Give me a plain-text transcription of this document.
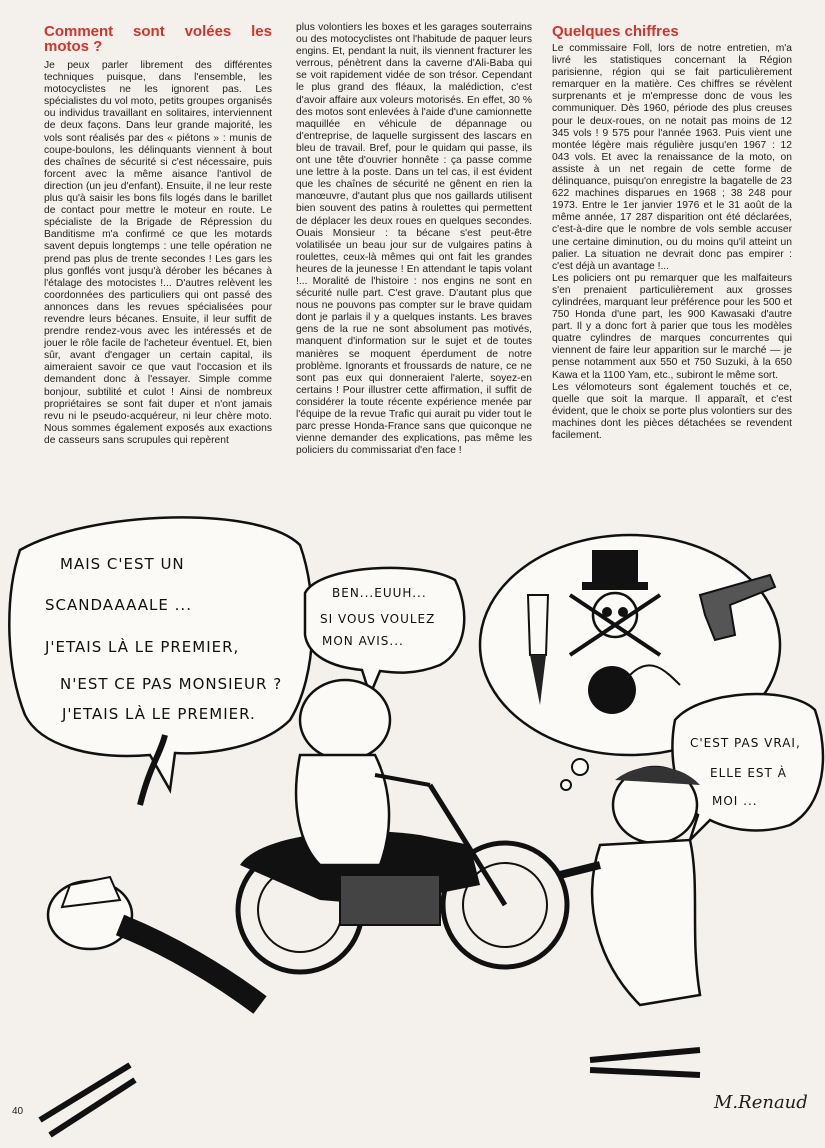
Comment sont volées les motos ?

Je peux parler librement des différentes techniques puisque, dans l'ensemble, les motocyclistes ne les ignorent pas. Les spécialistes du vol moto, petits groupes organisés ou individus travaillant en solitaires, interviennent de deux façons. Dans leur grande majorité, les vols sont réalisés par des « piétons » : munis de coupe-boulons, les délinquants viennent à bout des chaînes de sécurité si c'est nécessaire, puis forcent avec la même aisance l'antivol de direction (un jeu d'enfant). Ensuite, il ne leur reste plus qu'à saisir les bons fils logés dans le barillet de contact pour mettre le moteur en route. Le spécialiste de la Brigade de Répression du Banditisme m'a confirmé ce que les motards savent depuis longtemps : une telle opération ne prend pas plus de trente secondes ! Les gars les plus gonflés vont jusqu'à dérober les bécanes à l'étalage des motocistes !... D'autres relèvent les coordonnées des particuliers qui ont passé des annonces dans les revues spécialisées pour revendre leurs bécanes. Ensuite, il leur suffit de prendre rendez-vous avec les intéressés et de jouer le rôle facile de l'acheteur éventuel. Et, bien sûr, avant d'engager un certain capital, ils aimeraient savoir ce que vaut l'occasion et ils demandent donc à l'essayer. Simple comme bonjour, subtilité et culot ! Ainsi de nombreux propriétaires se sont fait duper et n'ont jamais revu ni le pseudo-acquéreur, ni leur chère moto. Nous sommes également exposés aux exactions de casseurs sans scrupules qui repèrent

plus volontiers les boxes et les garages souterrains ou des motocyclistes ont l'habitude de paquer leurs engins. Et, pendant la nuit, ils viennent fracturer les verrous, pénètrent dans la caverne d'Ali-Baba qui se voit rapidement vidée de son trésor. Cependant le plus grand des fléaux, la malédiction, c'est d'avoir affaire aux voleurs motorisés. En effet, 30 % des motos sont enlevées à l'aide d'une camionnette maquillée en véhicule de dépannage ou d'entreprise, de laquelle surgissent des lascars en bleu de travail. Bref, pour le quidam qui passe, ils ont une tête d'ouvrier honnête : ça passe comme une lettre à la poste. Dans un tel cas, il est évident que les chaînes de sécurité ne gênent en rien la manœuvre, d'autant plus que nos gaillards utilisent bien souvent des patins à roulettes qui permettent de déplacer les deux roues en quelques secondes. Ouais Monsieur : ta bécane s'est peut-être volatilisée un beau jour sur de vulgaires patins à roulettes, ceux-là mêmes qui ont fait les grandes heures de la jeunesse ! En attendant le tapis volant !... Moralité de l'histoire : nos engins ne sont en sécurité nulle part. C'est grave. D'autant plus que nous ne pouvons pas compter sur le brave quidam dont je parlais il y a quelques instants. Les braves gens de la rue ne sont absolument pas motivés, manquent d'information sur le sujet et de toutes manières se moquent éperdument de notre problème. Ignorants et froussards de nature, ce ne sont pas eux qui donneraient l'alerte, soyez-en certains ! Pour illustrer cette affirmation, il suffit de considérer la toute récente expérience menée par l'équipe de la revue Trafic qui aurait pu vider tout le parc presse Honda-France sans que quiconque ne vienne demander des explications, pas même les policiers du commissariat d'en face !

Quelques chiffres

Le commissaire Foll, lors de notre entretien, m'a livré les statistiques concernant la Région parisienne, région qui se fait particulièrement remarquer en la matière. Ces chiffres se révèlent surprenants et je m'empresse donc de vous les communiquer. Dès 1960, période des plus creuses pour le deux-roues, on ne notait pas moins de 12 345 vols ! 9 575 pour l'année 1963. Puis vient une montée légère mais régulière jusqu'en 1967 : 12 043 vols. Et avec la renaissance de la moto, on assiste à un net regain de cette forme de délinquance, puisqu'on enregistre la bagatelle de 23 622 machines disparues en 1968 ; 38 248 pour 1973. Entre le 1er janvier 1976 et le 31 août de la même année, 17 287 disparition ont été déclarées, c'est-à-dire que le nombre de vols semble accuser une certaine diminution, ou du moins qu'il atteint un palier. La situation ne devrait donc pas empirer : c'est déjà un avantage !...

Les policiers ont pu remarquer que les malfaiteurs s'en prenaient particulièrement aux grosses cylindrées, marquant leur préférence pour les 500 et 750 Honda d'une part, les 900 Kawasaki d'autre part. Il y a donc fort à parier que tous les modèles quatre cylindres de marques concurrentes qui viennent de faire leur apparition sur le marché — je pense notamment aux 550 et 750 Suzuki, à la 650 Kawa et la 1100 Yam, etc., subiront le même sort.

Les vélomoteurs sont également touchés et ce, quelle que soit la marque. Il apparaît, et c'est évident, que le choix se porte plus volontiers sur des machines dont les pièces détachées se revendent facilement.

MAIS C'EST UN
SCANDAAAALE ...
J'ETAIS LÀ LE PREMIER,
N'EST CE PAS MONSIEUR ?
J'ETAIS LÀ LE PREMIER.
BEN...EUUH...
SI VOUS VOULEZ
MON AVIS...
C'EST PAS VRAI,
ELLE EST À
MOI ...
40	M.Renaud
